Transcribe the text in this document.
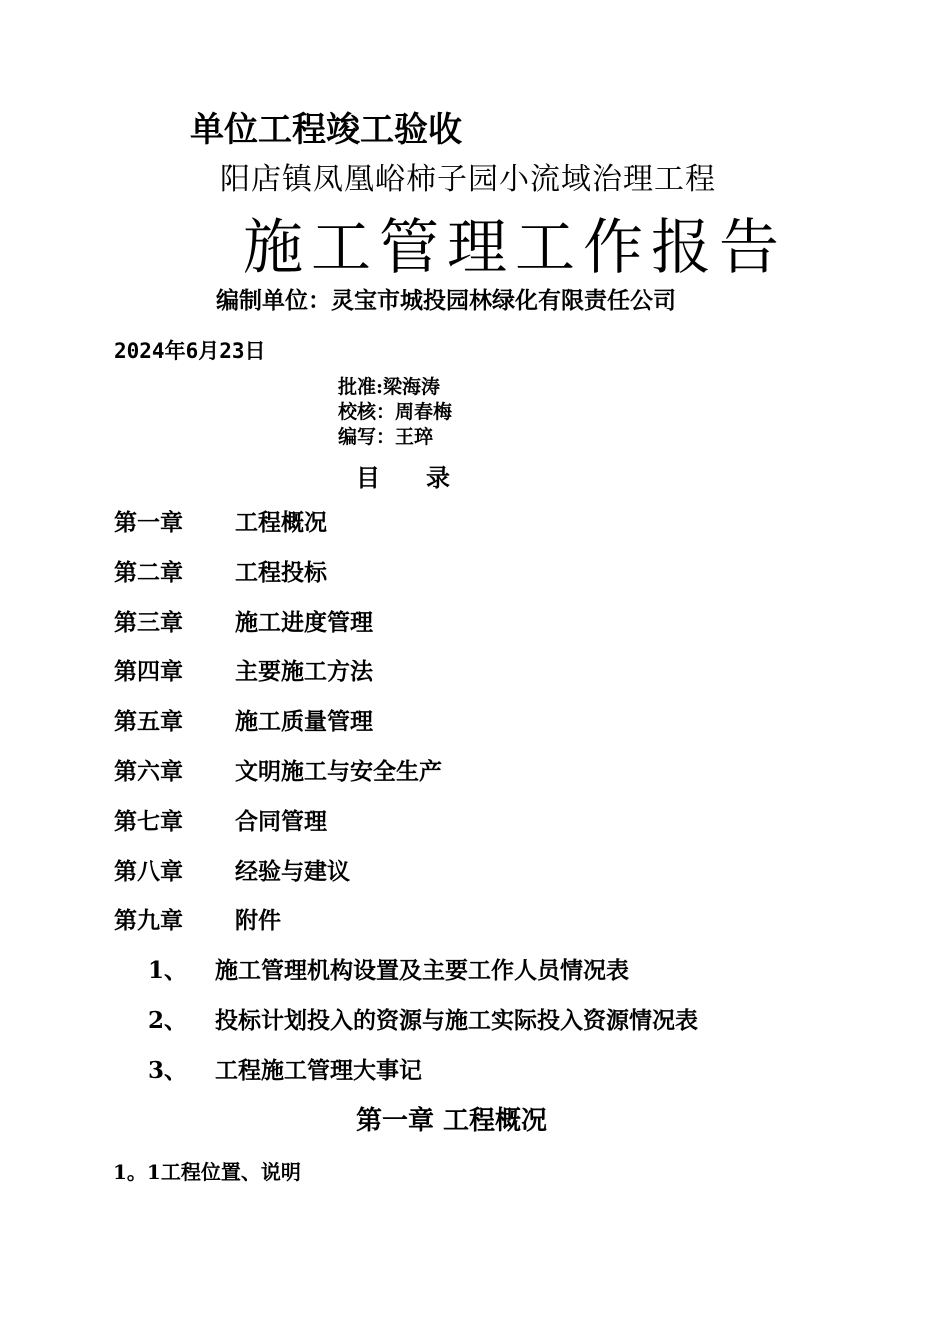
单位工程竣工验收
阳店镇凤凰峪柿子园小流域治理工程
施工管理工作报告
编制单位：灵宝市城投园林绿化有限责任公司
2024年6月23日
批准:梁海涛
校核：周春梅
编写：王琗
目 录
第一章 工程概况
第二章 工程投标
第三章 施工进度管理
第四章 主要施工方法
第五章 施工质量管理
第六章 文明施工与安全生产
第七章 合同管理
第八章 经验与建议
第九章 附件
1、 施工管理机构设置及主要工作人员情况表
2、 投标计划投入的资源与施工实际投入资源情况表
3、 工程施工管理大事记
第一章 工程概况
1。1工程位置、说明
